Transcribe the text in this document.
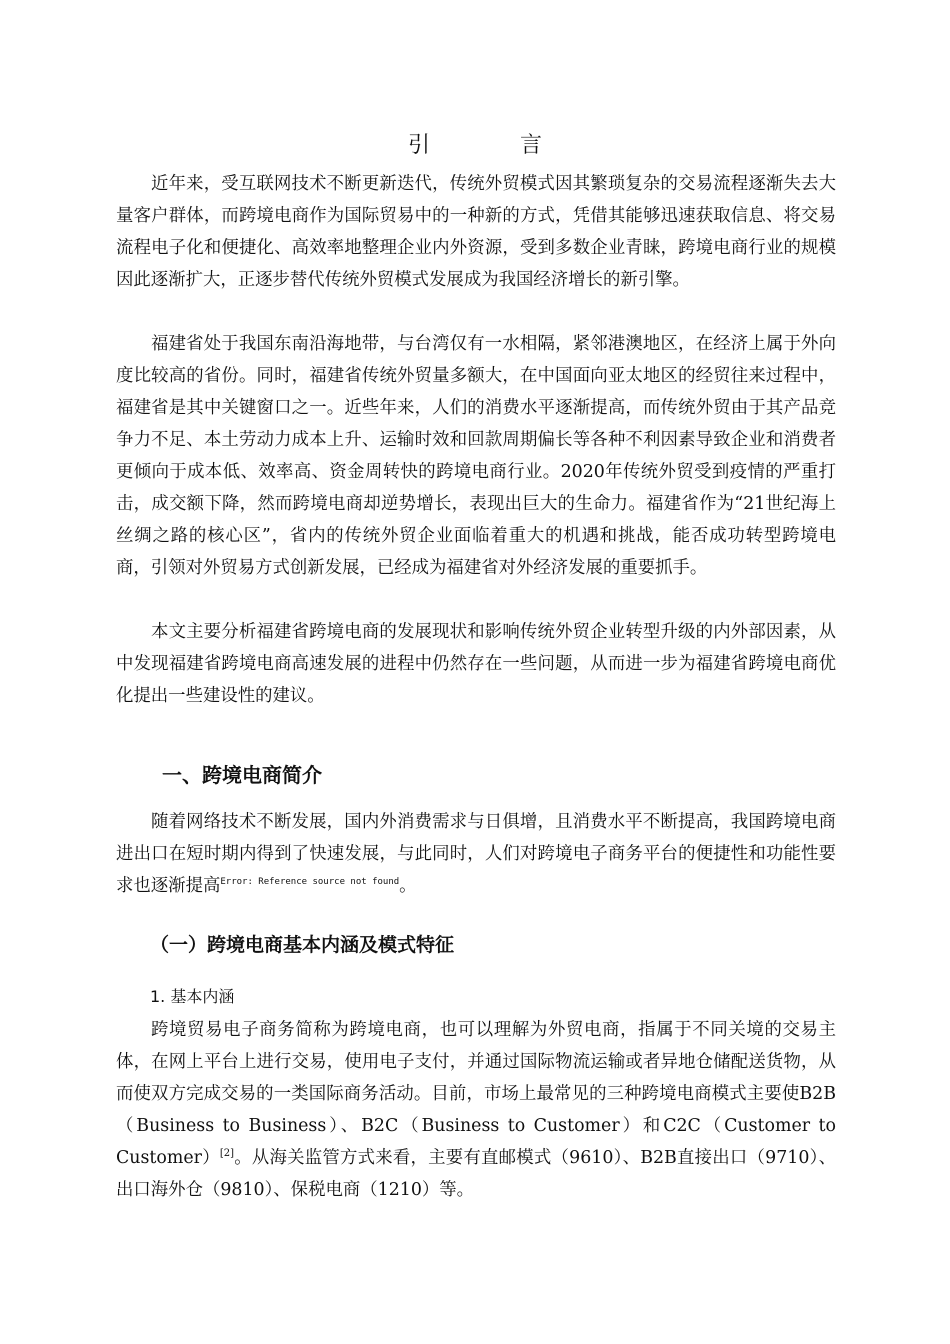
引　言

近年来，受互联网技术不断更新迭代，传统外贸模式因其繁琐复杂的交易流程逐渐失去大量客户群体，而跨境电商作为国际贸易中的一种新的方式，凭借其能够迅速获取信息、将交易流程电子化和便捷化、高效率地整理企业内外资源，受到多数企业青睐，跨境电商行业的规模因此逐渐扩大，正逐步替代传统外贸模式发展成为我国经济增长的新引擎。

福建省处于我国东南沿海地带，与台湾仅有一水相隔，紧邻港澳地区，在经济上属于外向度比较高的省份。同时，福建省传统外贸量多额大，在中国面向亚太地区的经贸往来过程中，福建省是其中关键窗口之一。近些年来，人们的消费水平逐渐提高，而传统外贸由于其产品竞争力不足、本土劳动力成本上升、运输时效和回款周期偏长等各种不利因素导致企业和消费者更倾向于成本低、效率高、资金周转快的跨境电商行业。2020年传统外贸受到疫情的严重打击，成交额下降，然而跨境电商却逆势增长，表现出巨大的生命力。福建省作为“21世纪海上丝绸之路的核心区”，省内的传统外贸企业面临着重大的机遇和挑战，能否成功转型跨境电商，引领对外贸易方式创新发展，已经成为福建省对外经济发展的重要抓手。

本文主要分析福建省跨境电商的发展现状和影响传统外贸企业转型升级的内外部因素，从中发现福建省跨境电商高速发展的进程中仍然存在一些问题，从而进一步为福建省跨境电商优化提出一些建设性的建议。

一、跨境电商简介

随着网络技术不断发展，国内外消费需求与日俱增，且消费水平不断提高，我国跨境电商进出口在短时期内得到了快速发展，与此同时，人们对跨境电子商务平台的便捷性和功能性要求也逐渐提高$^{Error: Reference source not found}$。

（一）跨境电商基本内涵及模式特征
1. 基本内涵

跨境贸易电子商务简称为跨境电商，也可以理解为外贸电商，指属于不同关境的交易主体，在网上平台上进行交易，使用电子支付，并通过国际物流运输或者异地仓储配送货物，从而使双方完成交易的一类国际商务活动。目前，市场上最常见的三种跨境电商模式主要使B2B（Business to Business）、B2C（Business to Customer）和C2C（Customer to Customer）[2]。从海关监管方式来看，主要有直邮模式（9610）、B2B直接出口（9710）、出口海外仓（9810）、保税电商（1210）等。
